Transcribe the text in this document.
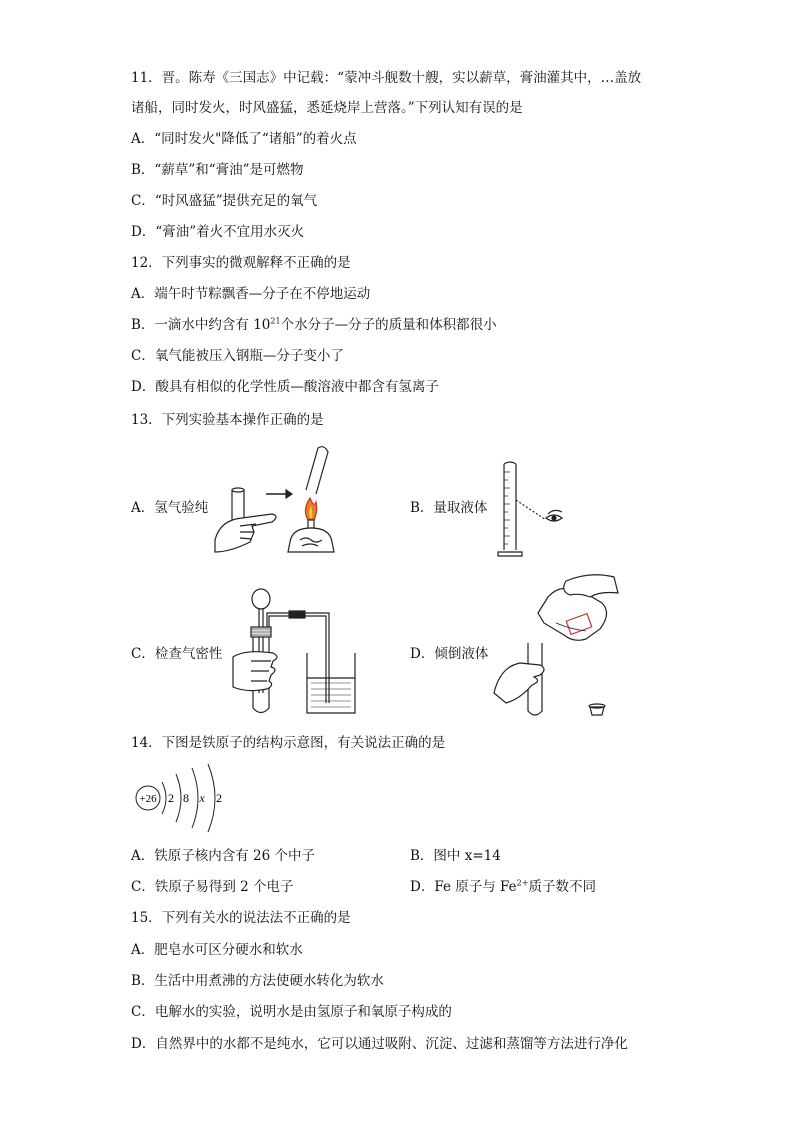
11．晋。陈寿《三国志》中记载：“蒙冲斗舰数十艘，实以薪草，膏油灌其中，…盖放
诸船，同时发火，时风盛猛，悉延烧岸上营落。”下列认知有误的是
A．“同时发火"降低了“诸船”的着火点
B．“薪草”和“膏油”是可燃物
C．“时风盛猛”提供充足的氧气
D．“膏油”着火不宜用水灭火
12．下列事实的微观解释不正确的是
A．端午时节粽飘香—分子在不停地运动
B．一滴水中约含有 $10^{21}$个水分子—分子的质量和体积都很小
C．氧气能被压入钢瓶—分子变小了
D．酸具有相似的化学性质—酸溶液中都含有氢离子
13．下列实验基本操作正确的是
A．氢气验纯	B．量取液体
C．检查气密性	D．倾倒液体
14．下图是铁原子的结构示意图，有关说法正确的是
+26 2 8 x 2
A．铁原子核内含有 26 个中子	B．图中 x=14
C．铁原子易得到 2 个电子	D．Fe 原子与 $Fe^{2+}$质子数不同
15．下列有关水的说法法不正确的是
A．肥皂水可区分硬水和软水
B．生活中用煮沸的方法使硬水转化为软水
C．电解水的实验，说明水是由氢原子和氧原子构成的
D．自然界中的水都不是纯水，它可以通过吸附、沉淀、过滤和蒸馏等方法进行净化
